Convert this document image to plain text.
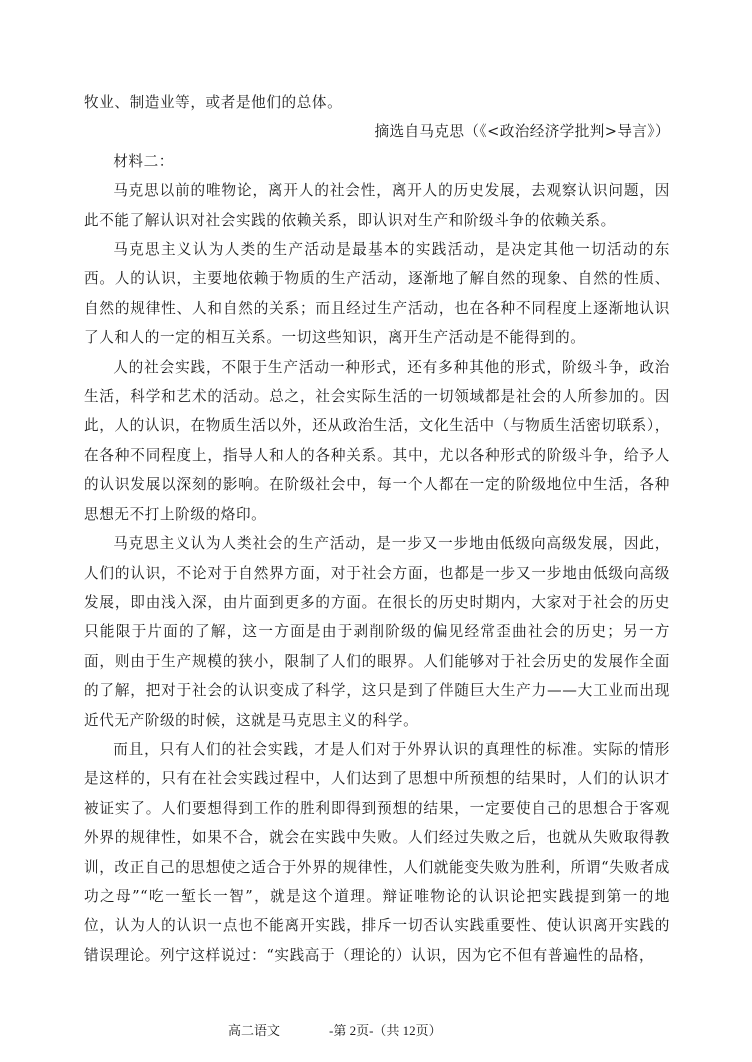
牧业、制造业等，或者是他们的总体。

摘选自马克思（《<政治经济学批判>导言》）

材料二：

马克思以前的唯物论，离开人的社会性，离开人的历史发展，去观察认识问题，因此不能了解认识对社会实践的依赖关系，即认识对生产和阶级斗争的依赖关系。

马克思主义认为人类的生产活动是最基本的实践活动，是决定其他一切活动的东西。人的认识，主要地依赖于物质的生产活动，逐渐地了解自然的现象、自然的性质、自然的规律性、人和自然的关系；而且经过生产活动，也在各种不同程度上逐渐地认识了人和人的一定的相互关系。一切这些知识，离开生产活动是不能得到的。

人的社会实践，不限于生产活动一种形式，还有多种其他的形式，阶级斗争，政治生活，科学和艺术的活动。总之，社会实际生活的一切领域都是社会的人所参加的。因此，人的认识，在物质生活以外，还从政治生活，文化生活中（与物质生活密切联系），在各种不同程度上，指导人和人的各种关系。其中，尤以各种形式的阶级斗争，给予人的认识发展以深刻的影响。在阶级社会中，每一个人都在一定的阶级地位中生活，各种思想无不打上阶级的烙印。

马克思主义认为人类社会的生产活动，是一步又一步地由低级向高级发展，因此，人们的认识，不论对于自然界方面，对于社会方面，也都是一步又一步地由低级向高级发展，即由浅入深，由片面到更多的方面。在很长的历史时期内，大家对于社会的历史只能限于片面的了解，这一方面是由于剥削阶级的偏见经常歪曲社会的历史；另一方面，则由于生产规模的狭小，限制了人们的眼界。人们能够对于社会历史的发展作全面的了解，把对于社会的认识变成了科学，这只是到了伴随巨大生产力——大工业而出现近代无产阶级的时候，这就是马克思主义的科学。

而且，只有人们的社会实践，才是人们对于外界认识的真理性的标准。实际的情形是这样的，只有在社会实践过程中，人们达到了思想中所预想的结果时，人们的认识才被证实了。人们要想得到工作的胜利即得到预想的结果，一定要使自己的思想合于客观外界的规律性，如果不合，就会在实践中失败。人们经过失败之后，也就从失败取得教训，改正自己的思想使之适合于外界的规律性，人们就能变失败为胜利，所谓“失败者成功之母”“吃一堑长一智”，就是这个道理。辩证唯物论的认识论把实践提到第一的地位，认为人的认识一点也不能离开实践，排斥一切否认实践重要性、使认识离开实践的错误理论。列宁这样说过：“实践高于（理论的）认识，因为它不但有普遍性的品格，

高二语文	-第 2页-（共 12页）
